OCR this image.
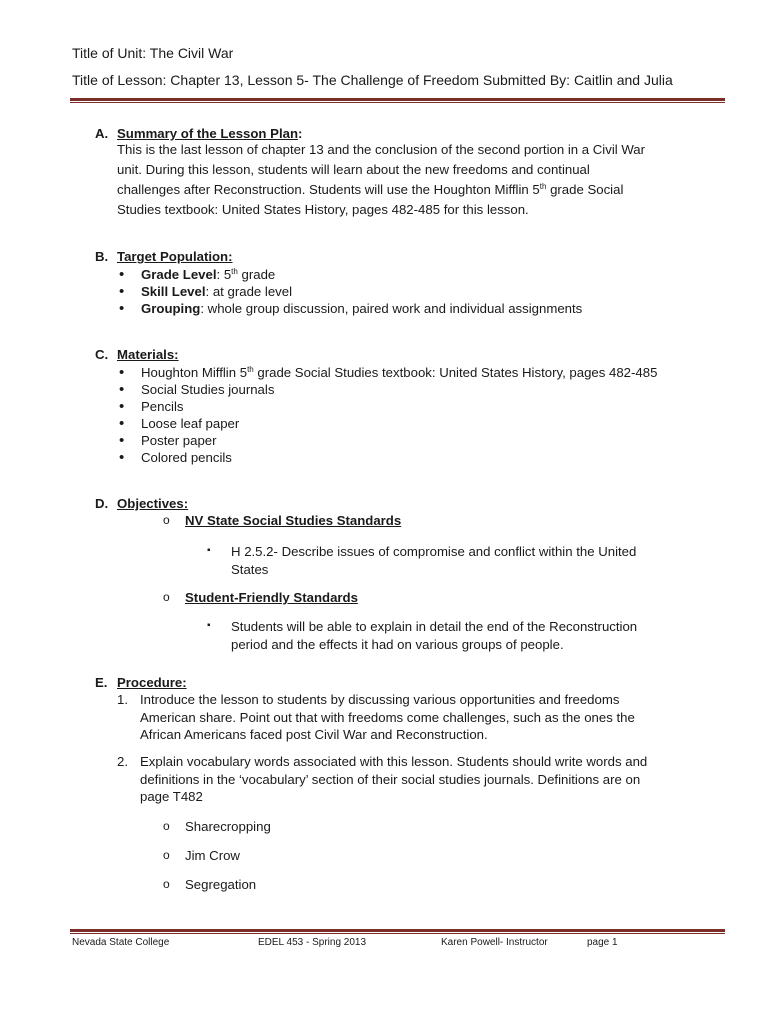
Title of Unit: The Civil War
Title of Lesson: Chapter 13, Lesson 5- The Challenge of Freedom Submitted By: Caitlin and Julia
A. Summary of the Lesson Plan:
This is the last lesson of chapter 13 and the conclusion of the second portion in a Civil War
unit. During this lesson, students will learn about the new freedoms and continual
challenges after Reconstruction. Students will use the Houghton Mifflin 5th grade Social
Studies textbook: United States History, pages 482-485 for this lesson.
B. Target Population:
• Grade Level: 5th grade
• Skill Level: at grade level
• Grouping: whole group discussion, paired work and individual assignments
C. Materials:
• Houghton Mifflin 5th grade Social Studies textbook: United States History, pages 482-485
• Social Studies journals
• Pencils
• Loose leaf paper
• Poster paper
• Colored pencils
D. Objectives:
o NV State Social Studies Standards
▪ H 2.5.2- Describe issues of compromise and conflict within the United
States
o Student-Friendly Standards
▪ Students will be able to explain in detail the end of the Reconstruction
period and the effects it had on various groups of people.
E. Procedure:
1. Introduce the lesson to students by discussing various opportunities and freedoms
American share. Point out that with freedoms come challenges, such as the ones the
African Americans faced post Civil War and Reconstruction.
2. Explain vocabulary words associated with this lesson. Students should write words and
definitions in the ‘vocabulary’ section of their social studies journals. Definitions are on
page T482
o Sharecropping
o Jim Crow
o Segregation
Nevada State College	EDEL 453 - Spring 2013	Karen Powell- Instructor	page 1
